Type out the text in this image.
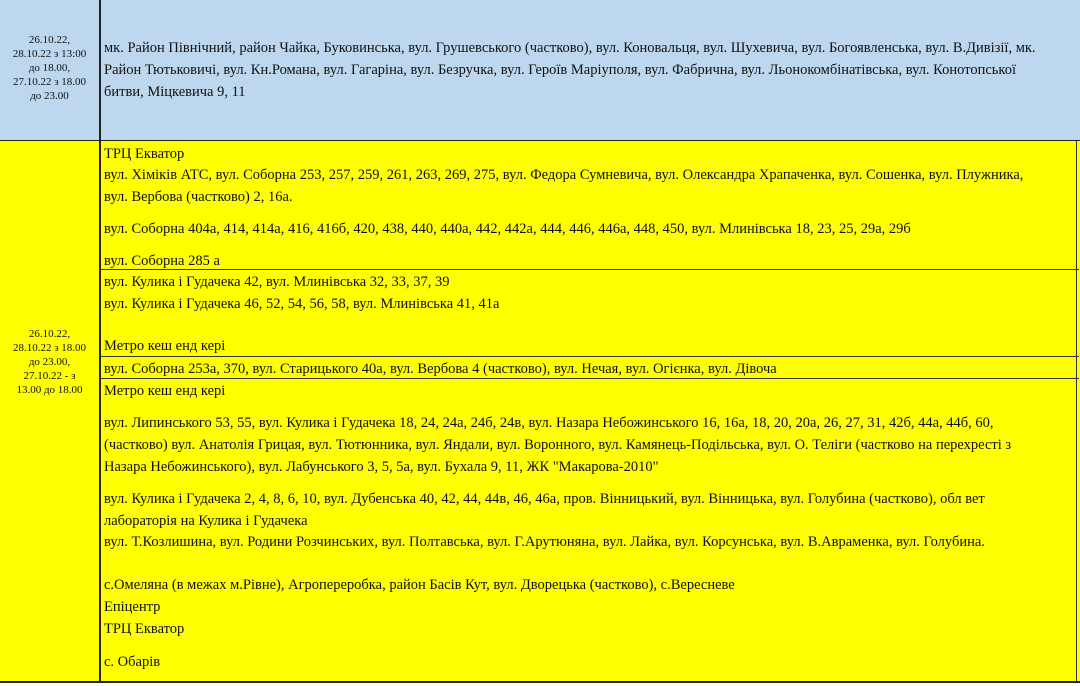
26.10.22,
28.10.22 з 13:00
до 18.00,
27.10.22 з 18.00
до 23.00
мк. Район Північний, район Чайка, Буковинська, вул. Грушевського (частково), вул. Коновальця, вул. Шухевича, вул. Богоявленська, вул. В.Дивізії, мк. Район Тютьковичі, вул. Кн.Романа, вул. Гагаріна, вул. Безручка, вул. Героїв Маріуполя, вул. Фабрична, вул. Льонокомбінатівська, вул. Конотопської битви, Міцкевича 9, 11
26.10.22,
28.10.22 з 18.00
до 23.00,
27.10.22 - з
13.00 до 18.00
ТРЦ Екватор
вул. Хіміків АТС, вул. Соборна 253, 257, 259, 261, 263, 269, 275, вул. Федора Сумневича, вул. Олександра Храпаченка, вул. Сошенка, вул. Плужника, вул. Вербова (частково) 2, 16а.
вул. Соборна 404а, 414, 414а, 416, 416б, 420, 438, 440, 440а, 442, 442а, 444, 446, 446а, 448, 450, вул. Млинівська 18, 23, 25, 29а, 29б
вул. Соборна 285 а
вул. Кулика і Гудачека 42, вул. Млинівська 32, 33, 37, 39
вул. Кулика і Гудачека 46, 52, 54, 56, 58, вул. Млинівська 41, 41а
Метро кеш енд кері
вул. Соборна 253а, 370, вул. Старицького 40а, вул. Вербова 4 (частково), вул. Нечая, вул. Огієнка, вул. Дівоча
Метро кеш енд кері
вул. Липинського 53, 55, вул. Кулика і Гудачека 18, 24, 24а, 24б, 24в, вул. Назара Небожинського 16, 16а, 18, 20, 20а, 26, 27, 31, 42б, 44а, 44б, 60, (частково) вул. Анатолія Грицая, вул. Тютюнника, вул. Яндали, вул. Воронного, вул. Камянець-Подільська, вул. О. Теліги (частково на перехресті з Назара Небожинського), вул. Лабунського 3, 5, 5а, вул. Бухала 9, 11, ЖК "Макарова-2010"
вул. Кулика і Гудачека 2, 4, 8, 6, 10, вул. Дубенська 40, 42, 44, 44в, 46, 46а, пров. Вінницький, вул. Вінницька, вул. Голубина (частково), обл вет лабораторія на Кулика і Гудачека
вул. Т.Козлишина, вул. Родини Розчинських, вул. Полтавська, вул. Г.Арутюняна, вул. Лайка, вул. Корсунська, вул. В.Авраменка, вул. Голубина.
с.Омеляна (в межах м.Рівне), Агропереробка, район Басів Кут, вул. Дворецька (частково), с.Вересневе
Епіцентр
ТРЦ Екватор
с. Обарів
